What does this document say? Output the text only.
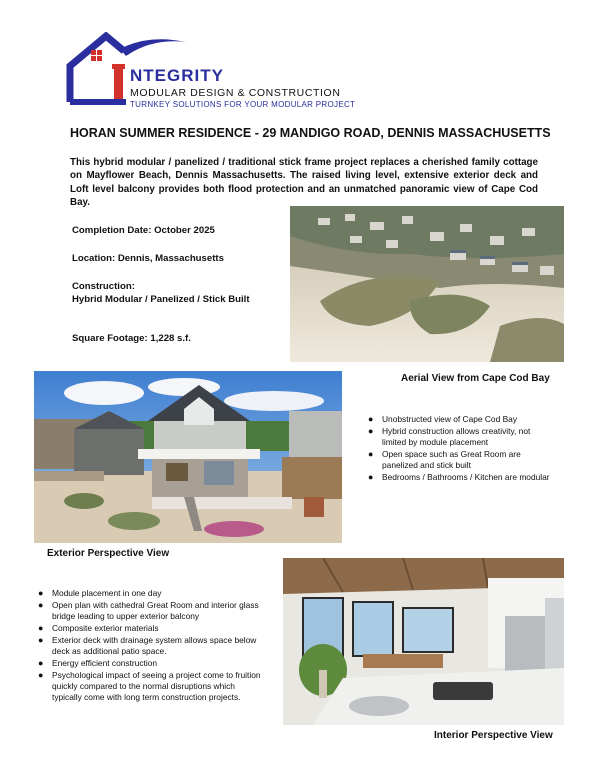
NTEGRITY
MODULAR DESIGN & CONSTRUCTION
TURNKEY SOLUTIONS FOR YOUR MODULAR PROJECT
HORAN SUMMER RESIDENCE - 29 MANDIGO ROAD, DENNIS MASSACHUSETTS
This hybrid modular / panelized / traditional stick frame project replaces a cherished family cottage on Mayflower Beach, Dennis Massachusetts. The raised living level, extensive exterior deck and Loft level balcony provides both flood protection and an unmatched panoramic view of Cape Cod Bay.
Completion Date: October 2025
Location: Dennis, Massachusetts
Construction:
Hybrid Modular / Panelized / Stick Built
Square Footage: 1,228 s.f.
Aerial View from Cape Cod Bay
Exterior Perspective View
● Unobstructed view of Cape Cod Bay
● Hybrid construction allows creativity, not limited by module placement
● Open space such as Great Room are panelized and stick built
● Bedrooms / Bathrooms / Kitchen are modular
● Module placement in one day
● Open plan with cathedral Great Room and interior glass bridge leading to upper exterior balcony
● Composite exterior materials
● Exterior deck with drainage system allows space below deck as additional patio space.
● Energy efficient construction
● Psychological impact of seeing a project come to fruition quickly compared to the normal disruptions which typically come with long term construction projects.
Interior Perspective View
